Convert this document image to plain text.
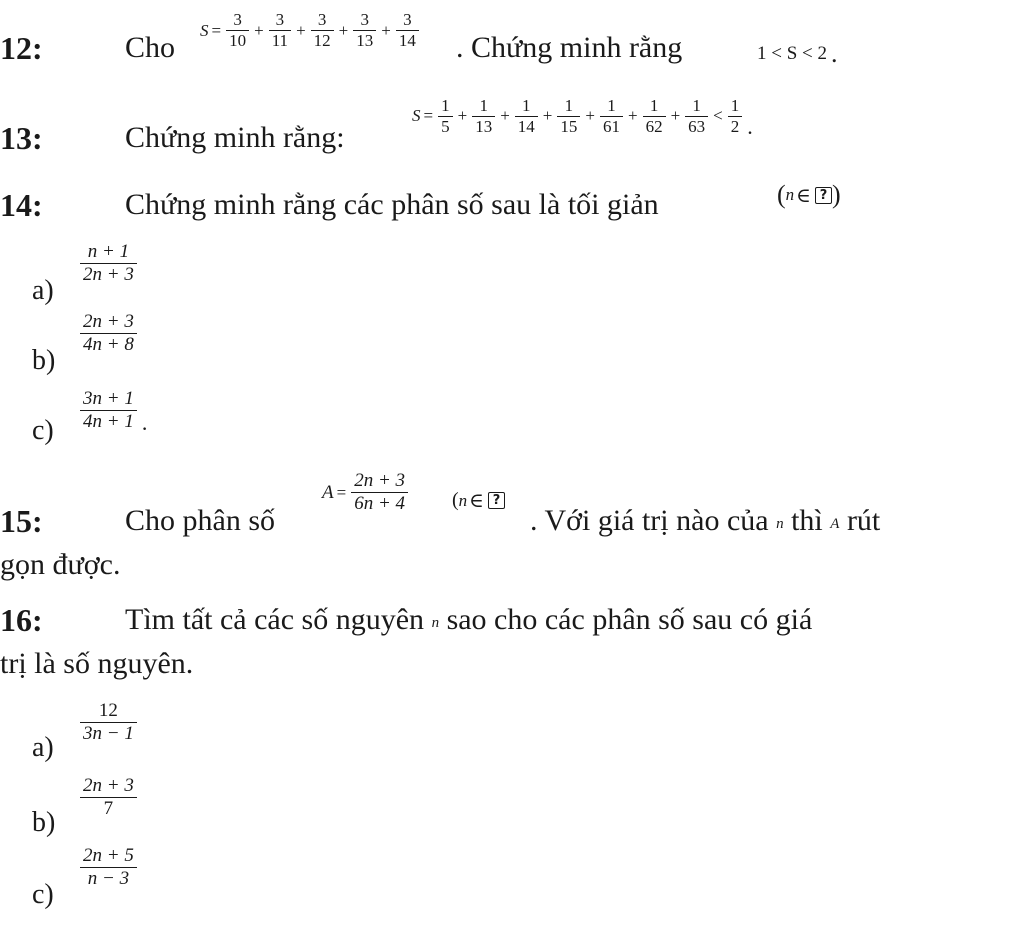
12:	Cho
$S = \frac{3}{10} + \frac{3}{11} + \frac{3}{12} + \frac{3}{13} + \frac{3}{14}$ . Chứng minh rằng	1 < S < 2 .
13:	Chứng minh rằng:
$S = \frac{1}{5} + \frac{1}{13} + \frac{1}{14} + \frac{1}{15} + \frac{1}{61} + \frac{1}{62} + \frac{1}{63} < \frac{1}{2}$ .
14:	Chứng minh rằng các phân số sau là tối giản	( n ∈ ? )
a)
$\frac{n + 1}{2n + 3}$
b)
$\frac{2n + 3}{4n + 8}$
$c) \frac{3n + 1}{4n + 1}$ .
15:	Cho phân số
$A = \frac{2n + 3}{6n + 4}$ ( n ∈ ?
. Với giá trị nào của n thì A rút
gọn được.
16:	Tìm tất cả các số nguyên n sao cho các phân số sau có giá
trị là số nguyên.
a)
$\frac{12}{3n - 1}$
b)
$\frac{2n + 3}{7}$
c)
$\frac{2n + 5}{n - 3}$
